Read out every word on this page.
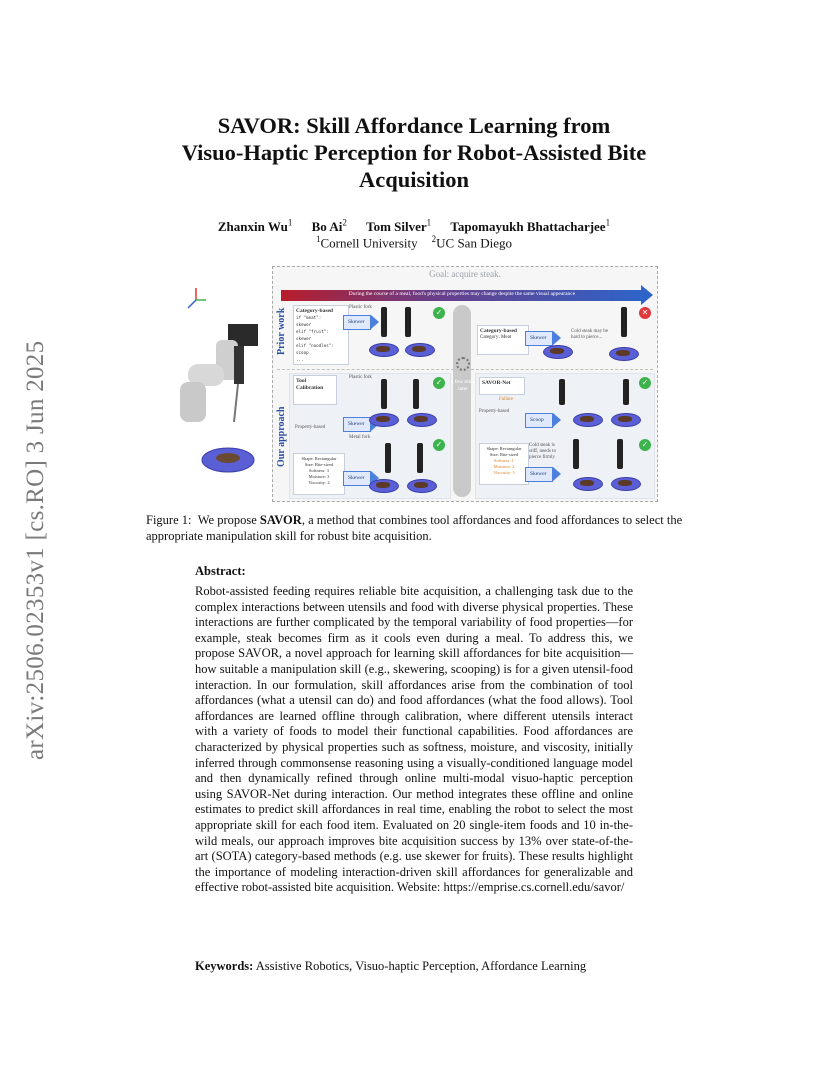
arXiv:2506.02353v1 [cs.RO] 3 Jun 2025
SAVOR: Skill Affordance Learning from
Visuo-Haptic Perception for Robot-Assisted Bite
Acquisition
Zhanxin Wu$^1$ Bo Ai$^2$ Tom Silver$^1$ Tapomayukh Bhattacharjee$^1$
$^1$Cornell University $^2$UC San Diego
Goal: acquire steak.
During the course of a meal, food's physical properties may change despite the same visual appearance
Prior work
Our approach
a few mins later
Category-based
if "meat":
skewer
elif "fruit":
skewer
elif "noodles":
scoop
...
Plastic fork
Skewer
✓
Category-based
Category: Meat	Skewer
Cold steak may be hard to pierce...
✕
Tool Calibration
Plastic fork
Property-based
Skewer
✓
Metal fork
Shape: Rectangular
Size: Bite-sized
Softness: 3
Moisture: 3
Viscosity: 2
Skewer
✓
SAVOR-Net
Failure
Property-based
Scoop
✓
Shape: Rectangular
Size: Bite-sized
Softness: 1
Moisture: 2
Viscosity: 3
Cold steak is stiff, needs to pierce firmly
Skewer
✓
Figure 1: We propose SAVOR, a method that combines tool affordances and food affordances to select the appropriate manipulation skill for robust bite acquisition.
Abstract:
Robot-assisted feeding requires reliable bite acquisition, a challenging task due to the complex interactions between utensils and food with diverse physical properties. These interactions are further complicated by the temporal variability of food properties—for example, steak becomes firm as it cools even during a meal. To address this, we propose SAVOR, a novel approach for learning skill affordances for bite acquisition—how suitable a manipulation skill (e.g., skewering, scooping) is for a given utensil-food interaction. In our formulation, skill affordances arise from the combination of tool affordances (what a utensil can do) and food affordances (what the food allows). Tool affordances are learned offline through calibration, where different utensils interact with a variety of foods to model their functional capabilities. Food affordances are characterized by physical properties such as softness, moisture, and viscosity, initially inferred through commonsense reasoning using a visually-conditioned language model and then dynamically refined through online multi-modal visuo-haptic perception using SAVOR-Net during interaction. Our method integrates these offline and online estimates to predict skill affordances in real time, enabling the robot to select the most appropriate skill for each food item. Evaluated on 20 single-item foods and 10 in-the-wild meals, our approach improves bite acquisition success by 13% over state-of-the-art (SOTA) category-based methods (e.g. use skewer for fruits). These results highlight the importance of modeling interaction-driven skill affordances for generalizable and effective robot-assisted bite acquisition. Website: https://emprise.cs.cornell.edu/savor/
Keywords: Assistive Robotics, Visuo-haptic Perception, Affordance Learning
